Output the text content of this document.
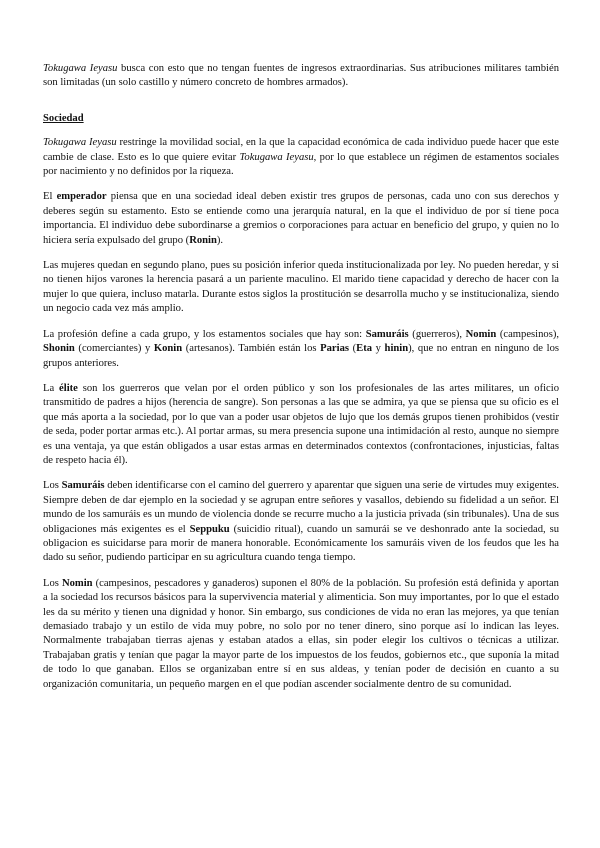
Tokugawa Ieyasu busca con esto que no tengan fuentes de ingresos extraordinarias. Sus atribuciones militares también son limitadas (un solo castillo y número concreto de hombres armados).

Sociedad

Tokugawa Ieyasu restringe la movilidad social, en la que la capacidad económica de cada individuo puede hacer que este cambie de clase. Esto es lo que quiere evitar Tokugawa Ieyasu, por lo que establece un régimen de estamentos sociales por nacimiento y no definidos por la riqueza.

El emperador piensa que en una sociedad ideal deben existir tres grupos de personas, cada uno con sus derechos y deberes según su estamento. Esto se entiende como una jerarquía natural, en la que el individuo de por sí tiene poca importancia. El individuo debe subordinarse a gremios o corporaciones para actuar en beneficio del grupo, y quien no lo hiciera sería expulsado del grupo (Ronin).

Las mujeres quedan en segundo plano, pues su posición inferior queda institucionalizada por ley. No pueden heredar, y si no tienen hijos varones la herencia pasará a un pariente maculino. El marido tiene capacidad y derecho de hacer con la mujer lo que quiera, incluso matarla. Durante estos siglos la prostitución se desarrolla mucho y se institucionaliza, siendo un negocio cada vez más amplio.

La profesión define a cada grupo, y los estamentos sociales que hay son: Samuráis (guerreros), Nomin (campesinos), Shonin (comerciantes) y Konin (artesanos). También están los Parias (Eta y hinin), que no entran en ninguno de los grupos anteriores.

La élite son los guerreros que velan por el orden público y son los profesionales de las artes militares, un oficio transmitido de padres a hijos (herencia de sangre). Son personas a las que se admira, ya que se piensa que su oficio es el que más aporta a la sociedad, por lo que van a poder usar objetos de lujo que los demás grupos tienen prohibidos (vestir de seda, poder portar armas etc.). Al portar armas, su mera presencia supone una intimidación al resto, aunque no siempre es una ventaja, ya que están obligados a usar estas armas en determinados contextos (confrontaciones, injusticias, faltas de respeto hacia él).

Los Samuráis deben identificarse con el camino del guerrero y aparentar que siguen una serie de virtudes muy exigentes. Siempre deben de dar ejemplo en la sociedad y se agrupan entre señores y vasallos, debiendo su fidelidad a un señor. El mundo de los samuráis es un mundo de violencia donde se recurre mucho a la justicia privada (sin tribunales). Una de sus obligaciones más exigentes es el Seppuku (suicidio ritual), cuando un samurái se ve deshonrado ante la sociedad, su obligacion es suicidarse para morir de manera honorable. Económicamente los samuráis viven de los feudos que les ha dado su señor, pudiendo participar en su agricultura cuando tenga tiempo.

Los Nomin (campesinos, pescadores y ganaderos) suponen el 80% de la población. Su profesión está definida y aportan a la sociedad los recursos básicos para la supervivencia material y alimenticia. Son muy importantes, por lo que el estado les da su mérito y tienen una dignidad y honor. Sin embargo, sus condiciones de vida no eran las mejores, ya que tenían demasiado trabajo y un estilo de vida muy pobre, no solo por no tener dinero, sino porque así lo indican las leyes. Normalmente trabajaban tierras ajenas y estaban atados a ellas, sin poder elegir los cultivos o técnicas a utilizar. Trabajaban gratis y tenían que pagar la mayor parte de los impuestos de los feudos, gobiernos etc., que suponía la mitad de todo lo que ganaban. Ellos se organizaban entre sí en sus aldeas, y tenían poder de decisión en cuanto a su organización comunitaria, un pequeño margen en el que podían ascender socialmente dentro de su comunidad.
